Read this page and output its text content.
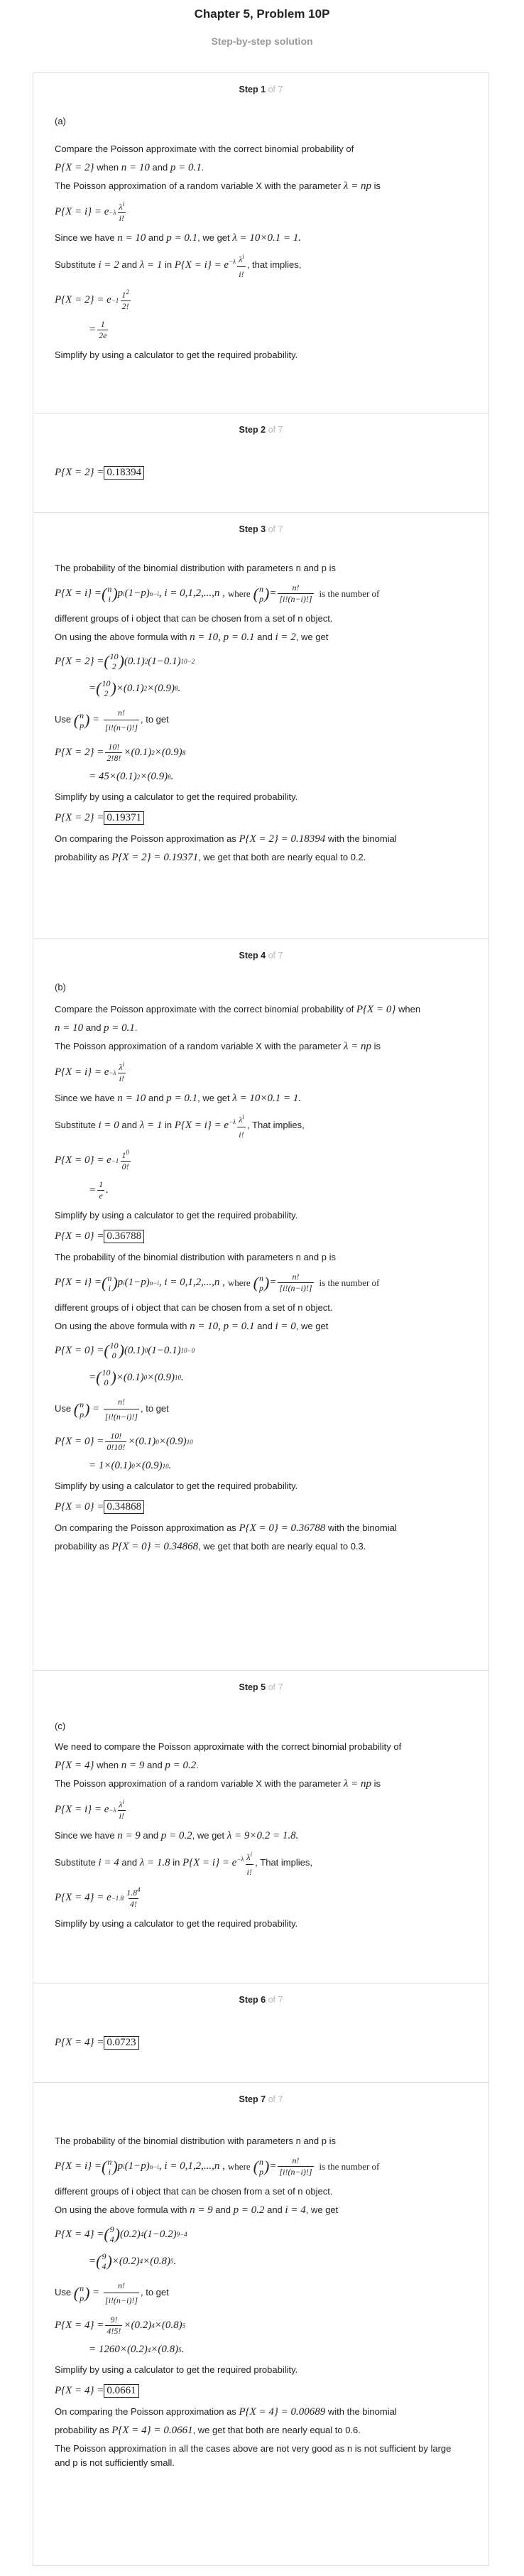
Chapter 5, Problem 10P
Step-by-step solution
Step 1 of 7
(a)
Compare the Poisson approximate with the correct binomial probability of
P{X = 2} when n = 10 and p = 0.1.
The Poisson approximation of a random variable X with the parameter λ = np is
$P\{X = i\} = e -\lambda \frac{\lambda^i}{i!}$
Since we have n = 10 and p = 0.1, we get λ = 10×0.1 = 1.
Substitute i = 2 and λ = 1 in $P\{X = i\} = e^{-\lambda} \frac{\lambda^i}{i!}$ , that implies,
$P\{X = 2\} = e -1 \frac{1^2}{2!}$
= $\frac{1}{2e}$
Simplify by using a calculator to get the required probability.
Step 2 of 7
P{X = 2} = 0.18394
Step 3 of 7
The probability of the binomial distribution with parameters n and p is
P{X = i} = ( n
i ) p i (1−p) n−i , i = 0,1,2,...,n , where ( n
p ) = $\frac{n!}{[i!(n-i)!]}$ is the number of
different groups of i object that can be chosen from a set of n object.
On using the above formula with n = 10, p = 0.1 and i = 2, we get
P{X = 2} = ( 10
2 ) (0.1) 2 (1−0.1) 10−2
= ( 10
2 ) ×(0.1) 2 ×(0.9) 8 .
Use ( n
p ) = $\frac{n!}{[i!(n-i)!]}$ , to get
$P\{X = 2\} = \frac{10!}{2!8!} \times(0.1)$ 2 ×(0.9) 8
= 45×(0.1) 2 ×(0.9) 8 .
Simplify by using a calculator to get the required probability.
P{X = 2} = 0.19371
On comparing the Poisson approximation as P{X = 2} = 0.18394 with the binomial
probability as P{X = 2} = 0.19371, we get that both are nearly equal to 0.2.
Step 4 of 7
(b)
Compare the Poisson approximate with the correct binomial probability of P{X = 0} when
n = 10 and p = 0.1.
The Poisson approximation of a random variable X with the parameter λ = np is
$P\{X = i\} = e -\lambda \frac{\lambda^i}{i!}$
Since we have n = 10 and p = 0.1, we get λ = 10×0.1 = 1.
Substitute i = 0 and λ = 1 in $P\{X = i\} = e^{-\lambda} \frac{\lambda^i}{i!}$ , That implies,
$P\{X = 0\} = e -1 \frac{1^0}{0!}$
= $\frac{1}{e}$ .
Simplify by using a calculator to get the required probability.
P{X = 0} = 0.36788
The probability of the binomial distribution with parameters n and p is
P{X = i} = ( n
i ) p i (1−p) n−i , i = 0,1,2,...,n , where ( n
p ) = $\frac{n!}{[i!(n-i)!]}$ is the number of
different groups of i object that can be chosen from a set of n object.
On using the above formula with n = 10, p = 0.1 and i = 0, we get
P{X = 0} = ( 10
0 ) (0.1) 0 (1−0.1) 10−0
= ( 10
0 ) ×(0.1) 0 ×(0.9) 10 .
Use ( n
p ) = $\frac{n!}{[i!(n-i)!]}$ , to get
$P\{X = 0\} = \frac{10!}{0!10!} \times(0.1)$ 0 ×(0.9) 10
= 1×(0.1) 0 ×(0.9) 10 .
Simplify by using a calculator to get the required probability.
P{X = 0} = 0.34868
On comparing the Poisson approximation as P{X = 0} = 0.36788 with the binomial
probability as P{X = 0} = 0.34868, we get that both are nearly equal to 0.3.
Step 5 of 7
(c)
We need to compare the Poisson approximate with the correct binomial probability of
P{X = 4} when n = 9 and p = 0.2.
The Poisson approximation of a random variable X with the parameter λ = np is
$P\{X = i\} = e -\lambda \frac{\lambda^i}{i!}$
Since we have n = 9 and p = 0.2, we get λ = 9×0.2 = 1.8.
Substitute i = 4 and λ = 1.8 in $P\{X = i\} = e^{-\lambda} \frac{\lambda^i}{i!}$ , That implies,
$P\{X = 4\} = e -1.8 \frac{1.8^4}{4!}$
Simplify by using a calculator to get the required probability.
Step 6 of 7
P{X = 4} = 0.0723
Step 7 of 7
The probability of the binomial distribution with parameters n and p is
P{X = i} = ( n
i ) p i (1−p) n−i , i = 0,1,2,...,n , where ( n
p ) = $\frac{n!}{[i!(n-i)!]}$ is the number of
different groups of i object that can be chosen from a set of n object.
On using the above formula with n = 9 and p = 0.2 and i = 4, we get
P{X = 4} = ( 9
4 ) (0.2) 4 (1−0.2) 9−4
= ( 9
4 ) ×(0.2) 4 ×(0.8) 5 .
Use ( n
p ) = $\frac{n!}{[i!(n-i)!]}$ , to get
$P\{X = 4\} = \frac{9!}{4!5!} \times(0.2)$ 4 ×(0.8) 5
= 1260×(0.2) 4 ×(0.8) 5 .
Simplify by using a calculator to get the required probability.
P{X = 4} = 0.0661
On comparing the Poisson approximation as P{X = 4} = 0.00689 with the binomial
probability as P{X = 4} = 0.0661, we get that both are nearly equal to 0.6.
The Poisson approximation in all the cases above are not very good as n is not sufficient by large and p is not sufficiently small.
